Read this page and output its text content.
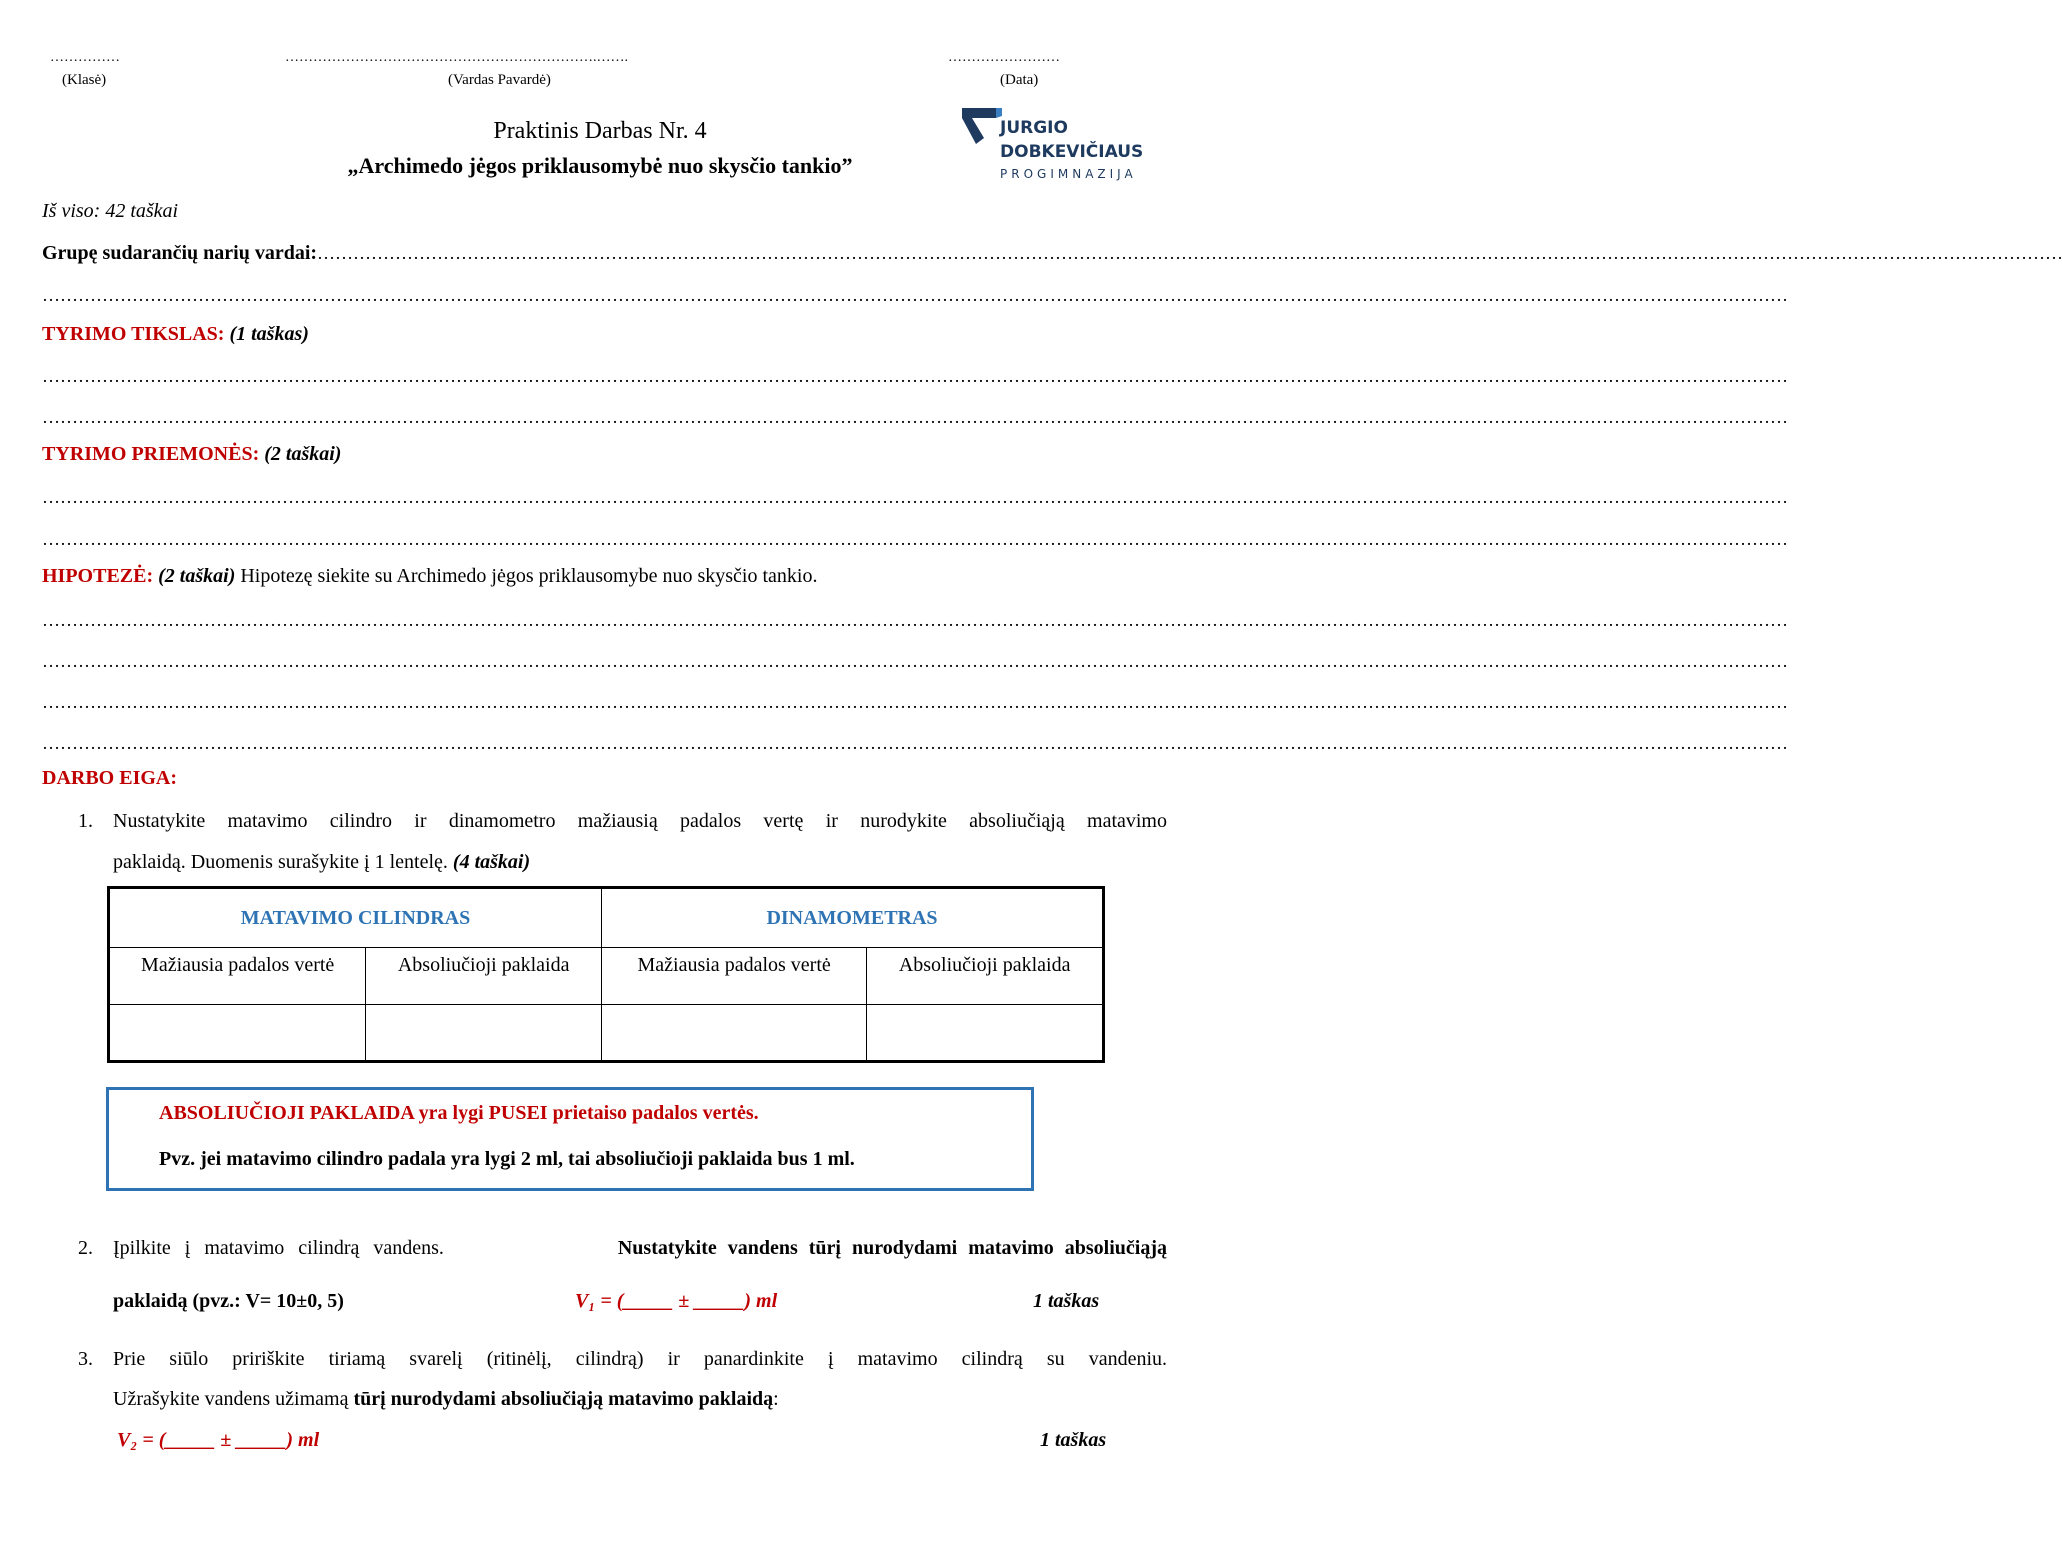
……………	………………………………………………………….…….	……………………
(Klasė)	(Vardas Pavardė)	(Data)
JURGIO
DOBKEVIČIAUS
PROGIMNAZIJA
Praktinis Darbas Nr. 4
„Archimedo jėgos priklausomybė nuo skysčio tankio”
Iš viso: 42 taškai
Grupę sudarančių narių vardai:…………………………………………………………………………………………………………………………………………………………………………………………………………………………………………………………………
…………………………………………………………………………………………………………………………………………………………………………………………………………………………………………………………………
TYRIMO TIKSLAS: (1 taškas)
…………………………………………………………………………………………………………………………………………………………………………………………………………………………………………………………………
…………………………………………………………………………………………………………………………………………………………………………………………………………………………………………………………………
TYRIMO PRIEMONĖS: (2 taškai)
…………………………………………………………………………………………………………………………………………………………………………………………………………………………………………………………………
…………………………………………………………………………………………………………………………………………………………………………………………………………………………………………………………………
HIPOTEZĖ: (2 taškai) Hipotezę siekite su Archimedo jėgos priklausomybe nuo skysčio tankio.
…………………………………………………………………………………………………………………………………………………………………………………………………………………………………………………………………
…………………………………………………………………………………………………………………………………………………………………………………………………………………………………………………………………
…………………………………………………………………………………………………………………………………………………………………………………………………………………………………………………………………
…………………………………………………………………………………………………………………………………………………………………………………………………………………………………………………………………
DARBO EIGA:
1. Nustatykite matavimo cilindro ir dinamometro mažiausią padalos vertę ir nurodykite absoliučiąją matavimo
paklaidą. Duomenis surašykite į 1 lentelę. (4 taškai)
MATAVIMO CILINDRAS		DINAMOMETRAS	
Mažiausia padalos vertė	Absoliučioji paklaida	Mažiausia padalos vertė	Absoliučioji paklaida

ABSOLIUČIOJI PAKLAIDA yra lygi PUSEI prietaiso padalos vertės.
Pvz. jei matavimo cilindro padala yra lygi 2 ml, tai absoliučioji paklaida bus 1 ml.
2. Įpilkite į matavimo cilindrą vandens.	Nustatykite vandens tūrį nurodydami matavimo absoliučiąją
paklaidą (pvz.: V= 10±0, 5)	V₁ = (_____ ± _____) ml	1 taškas
3. Prie siūlo pririškite tiriamą svarelį (ritinėlį, cilindrą) ir panardinkite į matavimo cilindrą su vandeniu.
Užrašykite vandens užimamą tūrį nurodydami absoliučiąją matavimo paklaidą:
V₂ = (_____ ± _____) ml	1 taškas
